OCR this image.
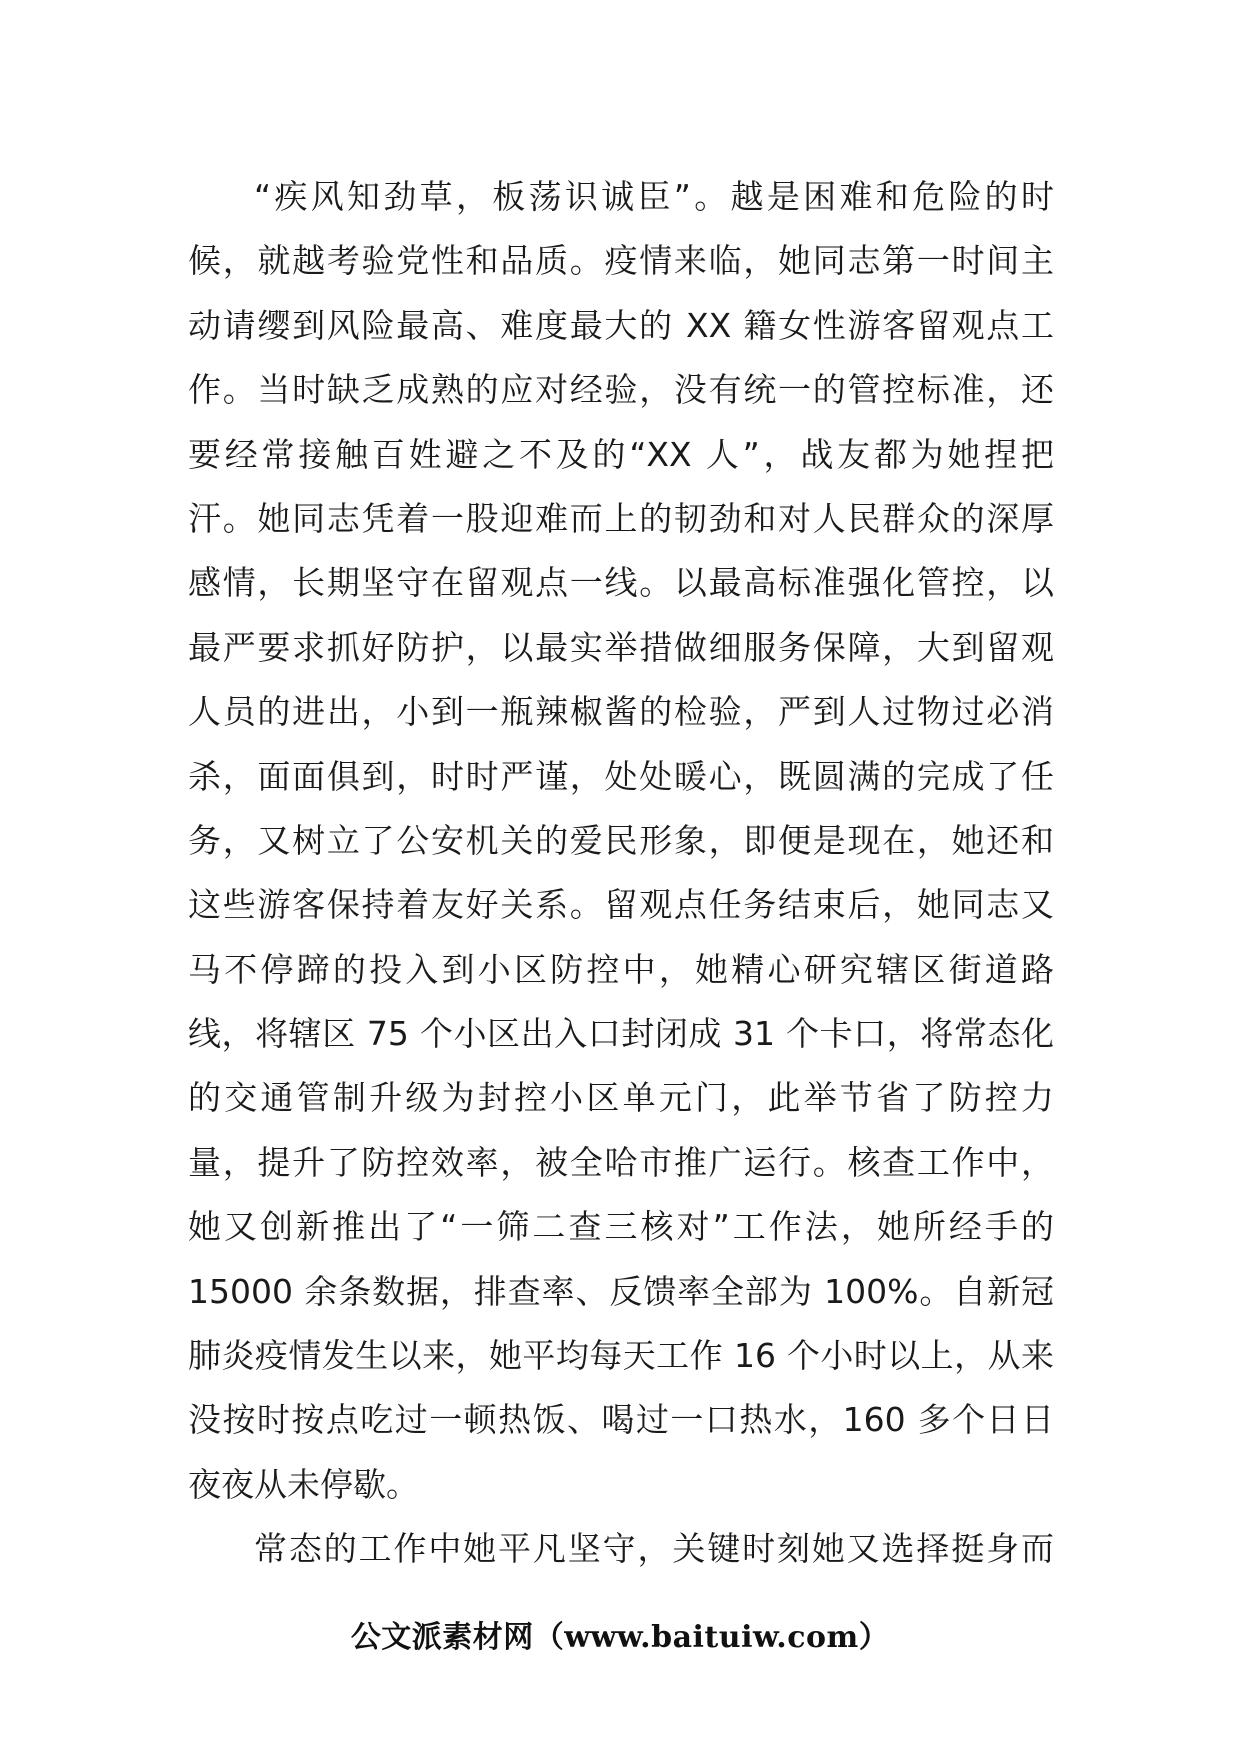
“疾风知劲草，板荡识诚臣”。越是困难和危险的时
候，就越考验党性和品质。疫情来临，她同志第一时间主
动请缨到风险最高、难度最大的 XX 籍女性游客留观点工
作。当时缺乏成熟的应对经验，没有统一的管控标准，还
要经常接触百姓避之不及的“XX 人”，战友都为她捏把
汗。她同志凭着一股迎难而上的韧劲和对人民群众的深厚
感情，长期坚守在留观点一线。以最高标准强化管控，以
最严要求抓好防护，以最实举措做细服务保障，大到留观
人员的进出，小到一瓶辣椒酱的检验，严到人过物过必消
杀，面面俱到，时时严谨，处处暖心，既圆满的完成了任
务，又树立了公安机关的爱民形象，即便是现在，她还和
这些游客保持着友好关系。留观点任务结束后，她同志又
马不停蹄的投入到小区防控中，她精心研究辖区街道路
线，将辖区 75 个小区出入口封闭成 31 个卡口，将常态化
的交通管制升级为封控小区单元门，此举节省了防控力
量，提升了防控效率，被全哈市推广运行。核查工作中，
她又创新推出了“一筛二查三核对”工作法，她所经手的
15000 余条数据，排查率、反馈率全部为 100%。自新冠
肺炎疫情发生以来，她平均每天工作 16 个小时以上，从来
没按时按点吃过一顿热饭、喝过一口热水，160 多个日日
夜夜从未停歇。
常态的工作中她平凡坚守，关键时刻她又选择挺身而
公文派素材网（www.baituiw.com）
